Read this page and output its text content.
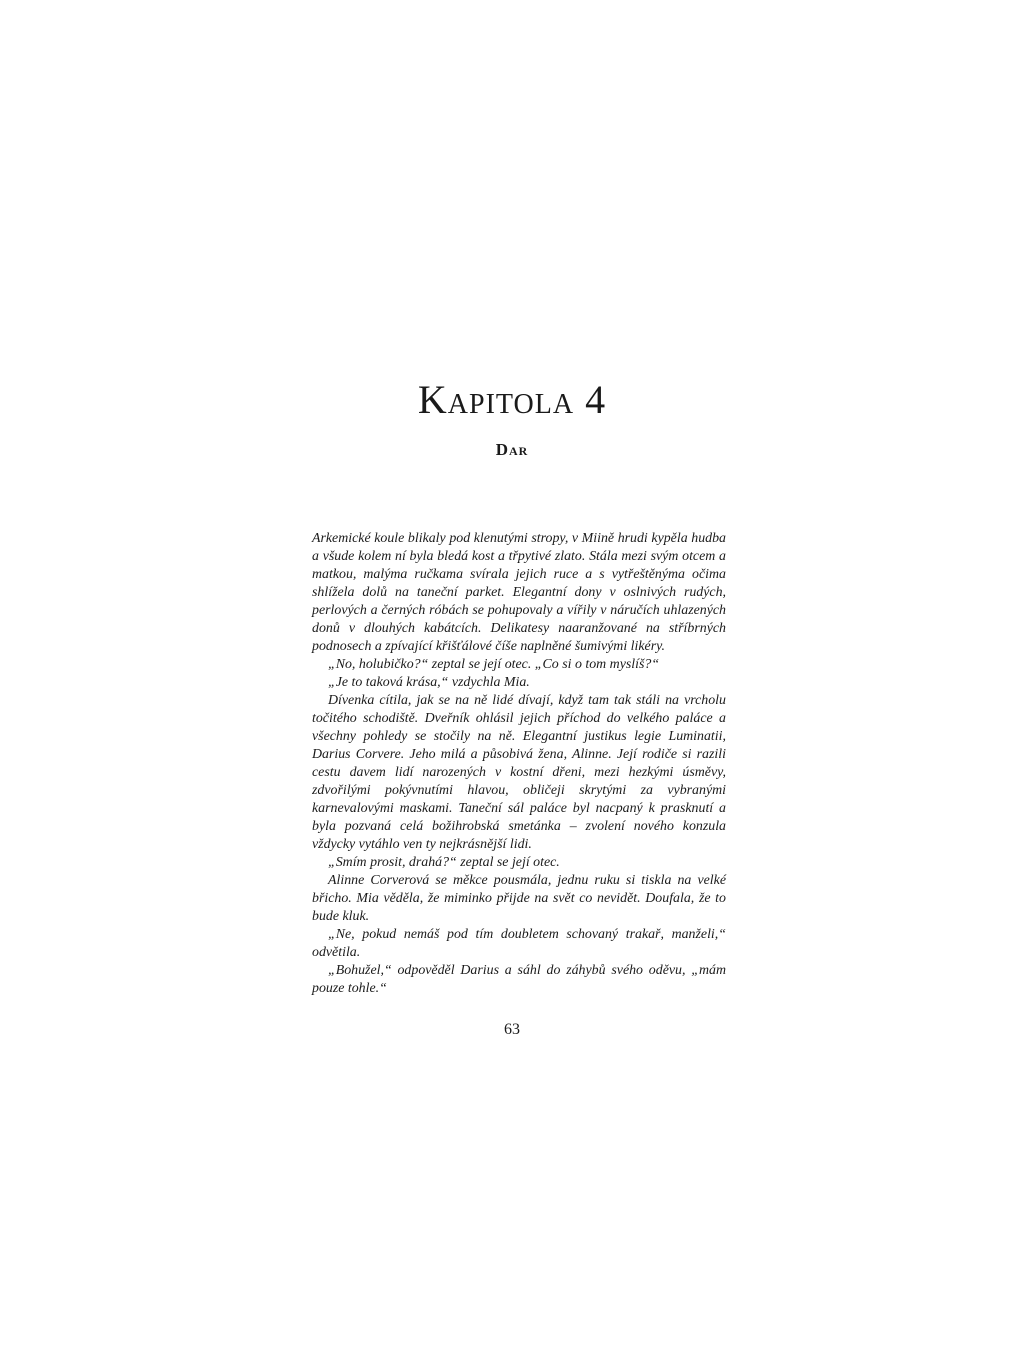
Kapitola 4
Dar

Arkemické koule blikaly pod klenutými stropy, v Miině hrudi kypěla hudba a všude kolem ní byla bledá kost a třpytivé zlato. Stála mezi svým otcem a matkou, malýma ručkama svírala jejich ruce a s vytřeštěnýma očima shlížela dolů na taneční parket. Elegantní dony v oslnivých rudých, perlových a černých róbách se pohupovaly a vířily v náručích uhlazených donů v dlouhých kabátcích. Delikatesy naaranžované na stříbrných podnosech a zpívající křišťálové číše naplněné šumivými likéry.

„No, holubičko?“ zeptal se její otec. „Co si o tom myslíš?“

„Je to taková krása,“ vzdychla Mia.

Dívenka cítila, jak se na ně lidé dívají, když tam tak stáli na vrcholu točitého schodiště. Dveřník ohlásil jejich příchod do velkého paláce a všechny pohledy se stočily na ně. Elegantní justikus legie Luminatii, Darius Corvere. Jeho milá a působivá žena, Alinne. Její rodiče si razili cestu davem lidí narozených v kostní dřeni, mezi hezkými úsměvy, zdvořilými pokývnutími hlavou, obličeji skrytými za vybranými karnevalovými maskami. Taneční sál paláce byl nacpaný k prasknutí a byla pozvaná celá božihrobská smetánka – zvolení nového konzula vždycky vytáhlo ven ty nejkrásnější lidi.

„Smím prosit, drahá?“ zeptal se její otec.

Alinne Corverová se měkce pousmála, jednu ruku si tiskla na velké břicho. Mia věděla, že miminko přijde na svět co nevidět. Doufala, že to bude kluk.

„Ne, pokud nemáš pod tím doubletem schovaný trakař, manželi,“ odvětila.

„Bohužel,“ odpověděl Darius a sáhl do záhybů svého oděvu, „mám pouze tohle.“

63
